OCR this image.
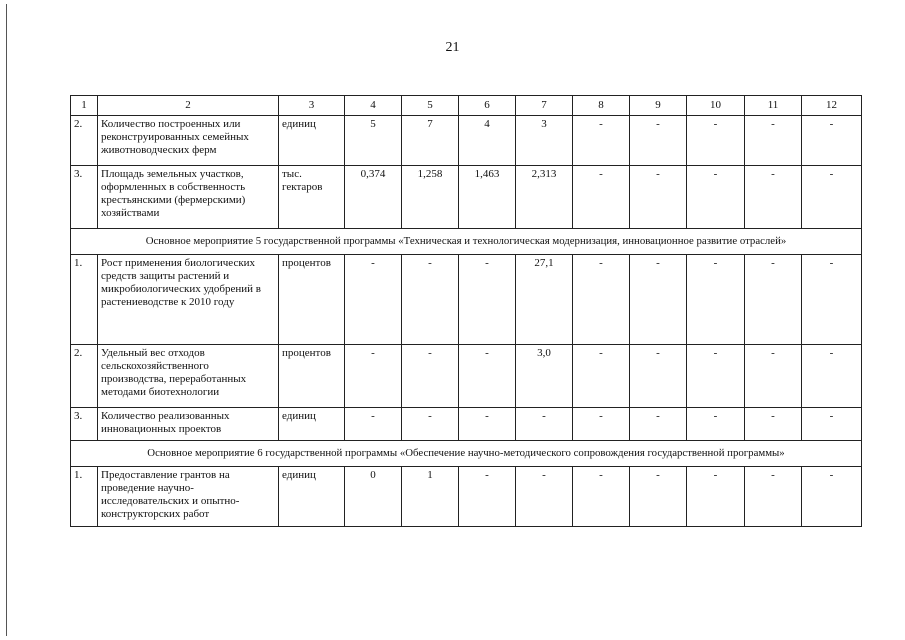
21
1	2	3	4	5	6	7	8	9	10	11	12
2.	Количество построенных или реконструированных семейных животноводческих ферм	единиц	5	7	4	3	-	-	-	-	-
3.	Площадь земельных участков, оформленных в собственность крестьянскими (фермерскими) хозяйствами	тыс. гектаров	0,374	1,258	1,463	2,313	-	-	-	-	-
Основное мероприятие 5 государственной программы «Техническая и технологическая модернизация, инновационное развитие отраслей»											
1.	Рост применения биологических средств защиты растений и микробиологических удобрений в растениеводстве к 2010 году	процентов	-	-	-	27,1	-	-	-	-	-
2.	Удельный вес отходов сельскохозяйственного производства, переработанных методами биотехнологии	процентов	-	-	-	3,0	-	-	-	-	-
3.	Количество реализованных инновационных проектов	единиц	-	-	-	-	-	-	-	-	-
Основное мероприятие 6 государственной программы «Обеспечение научно-методического сопровождения государственной программы»											
1.	Предоставление грантов на проведение научно-исследовательских и опытно-конструкторских работ	единиц	0	1	-	-	-	-	-	-	-
